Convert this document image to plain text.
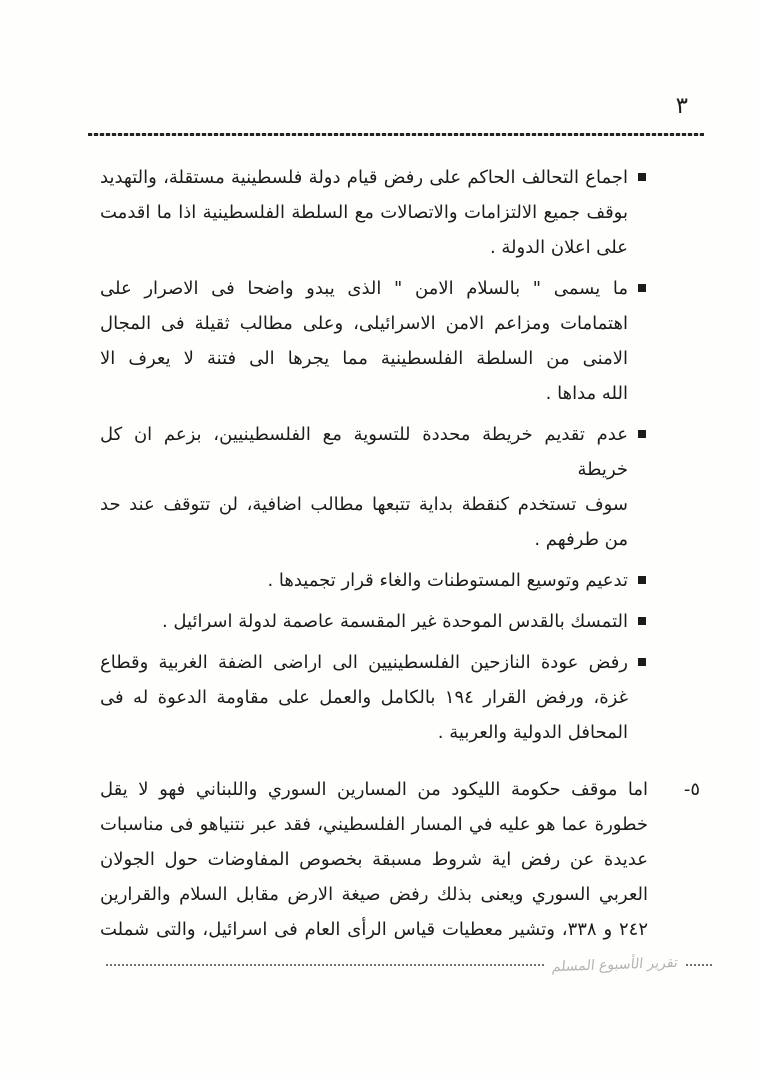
٣
اجماع التحالف الحاكم على رفض قيام دولة فلسطينية مستقلة، والتهديد
بوقف جميع الالتزامات والاتصالات مع السلطة الفلسطينية اذا ما اقدمت
على اعلان الدولة .
ما يسمى " بالسلام الامن " الذى يبدو واضحا فى الاصرار على
اهتمامات ومزاعم الامن الاسرائيلى، وعلى مطالب ثقيلة فى المجال
الامنى من السلطة الفلسطينية مما يجرها الى فتنة لا يعرف الا
الله مداها .
عدم تقديم خريطة محددة للتسوية مع الفلسطينيين، بزعم ان كل خريطة
سوف تستخدم كنقطة بداية تتبعها مطالب اضافية، لن تتوقف عند حد
من طرفهم .
تدعيم وتوسيع المستوطنات والغاء قرار تجميدها .
التمسك بالقدس الموحدة غير المقسمة عاصمة لدولة اسرائيل .
رفض عودة النازحين الفلسطينيين الى اراضى الضفة الغربية وقطاع
غزة، ورفض القرار ١٩٤ بالكامل والعمل على مقاومة الدعوة له فى
المحافل الدولية والعربية .
٥-
اما موقف حكومة الليكود من المسارين السوري واللبناني فهو لا يقل
خطورة عما هو عليه في المسار الفلسطيني، فقد عبر نتنياهو فى مناسبات
عديدة عن رفض اية شروط مسبقة بخصوص المفاوضات حول الجولان
العربي السوري ويعنى بذلك رفض صيغة الارض مقابل السلام والقرارين
٢٤٢ و ٣٣٨، وتشير معطيات قياس الرأى العام فى اسرائيل، والتى شملت
تقرير الأسبوع المسلم
